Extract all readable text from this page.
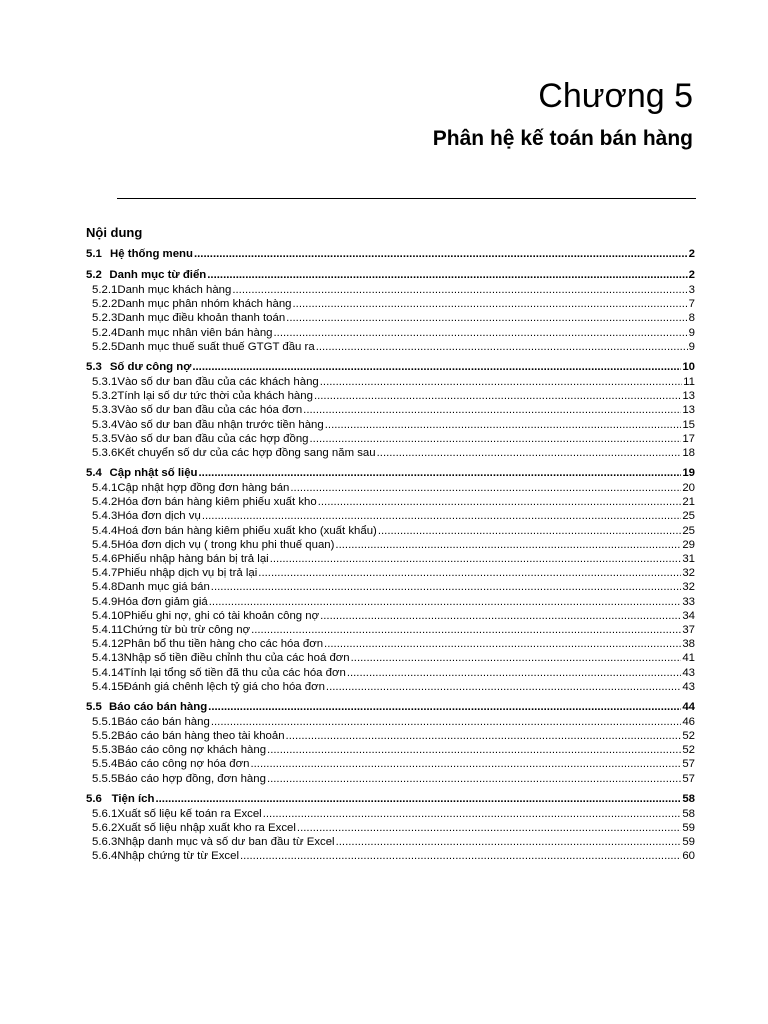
Chương 5
Phân hệ kế toán bán hàng
Nội dung
5.1 Hệ thống menu .....	2
5.2 Danh mục từ điển .....	2
5.2.1 Danh mục khách hàng .....	3
5.2.2 Danh mục phân nhóm khách hàng .....	7
5.2.3 Danh mục điều khoản thanh toán .....	8
5.2.4 Danh mục nhân viên bán hàng .....	9
5.2.5 Danh mục thuế suất thuế GTGT đầu ra .....	9
5.3 Số dư công nợ .....	10
5.3.1 Vào số dư ban đầu của các khách hàng .....	11
5.3.2 Tính lại số dư tức thời của khách hàng .....	13
5.3.3 Vào số dư ban đầu của các hóa đơn .....	13
5.3.4 Vào số dư ban đầu nhận trước tiền hàng .....	15
5.3.5 Vào số dư ban đầu của các hợp đồng .....	17
5.3.6 Kết chuyển số dư của các hợp đồng sang năm sau .....	18
5.4 Cập nhật số liệu .....	19
5.4.1 Cập nhật hợp đồng đơn hàng bán .....	20
5.4.2 Hóa đơn bán hàng kiêm phiếu xuất kho .....	21
5.4.3 Hóa đơn dịch vụ .....	25
5.4.4 Hoá đơn bán hàng kiêm phiếu xuất kho (xuất khẩu) .....	25
5.4.5 Hóa đơn dịch vụ ( trong khu phi thuế quan) .....	29
5.4.6 Phiếu nhập hàng bán bị trả lại .....	31
5.4.7 Phiếu nhập dịch vụ bị trả lại .....	32
5.4.8 Danh mục giá bán .....	32
5.4.9 Hóa đơn giảm giá .....	33
5.4.10 Phiếu ghi nợ, ghi có tài khoản công nợ .....	34
5.4.11 Chứng từ bù trừ công nợ .....	37
5.4.12 Phân bổ thu tiền hàng cho các hóa đơn .....	38
5.4.13 Nhập số tiền điều chỉnh thu của các hoá đơn .....	41
5.4.14 Tính lại tổng số tiền đã thu của các hóa đơn .....	43
5.4.15 Đánh giá chênh lệch tỷ giá cho hóa đơn .....	43
5.5 Báo cáo bán hàng .....	44
5.5.1 Báo cáo bán hàng .....	46
5.5.2 Báo cáo bán hàng theo tài khoản .....	52
5.5.3 Báo cáo công nợ khách hàng .....	52
5.5.4 Báo cáo công nợ hóa đơn .....	57
5.5.5 Báo cáo hợp đồng, đơn hàng .....	57
5.6 Tiện ích .....	58
5.6.1 Xuất số liệu kế toán ra Excel .....	58
5.6.2 Xuất số liệu nhập xuất kho ra Excel .....	59
5.6.3 Nhập danh mục và số dư ban đầu từ Excel .....	59
5.6.4 Nhập chứng từ từ Excel .....	60
